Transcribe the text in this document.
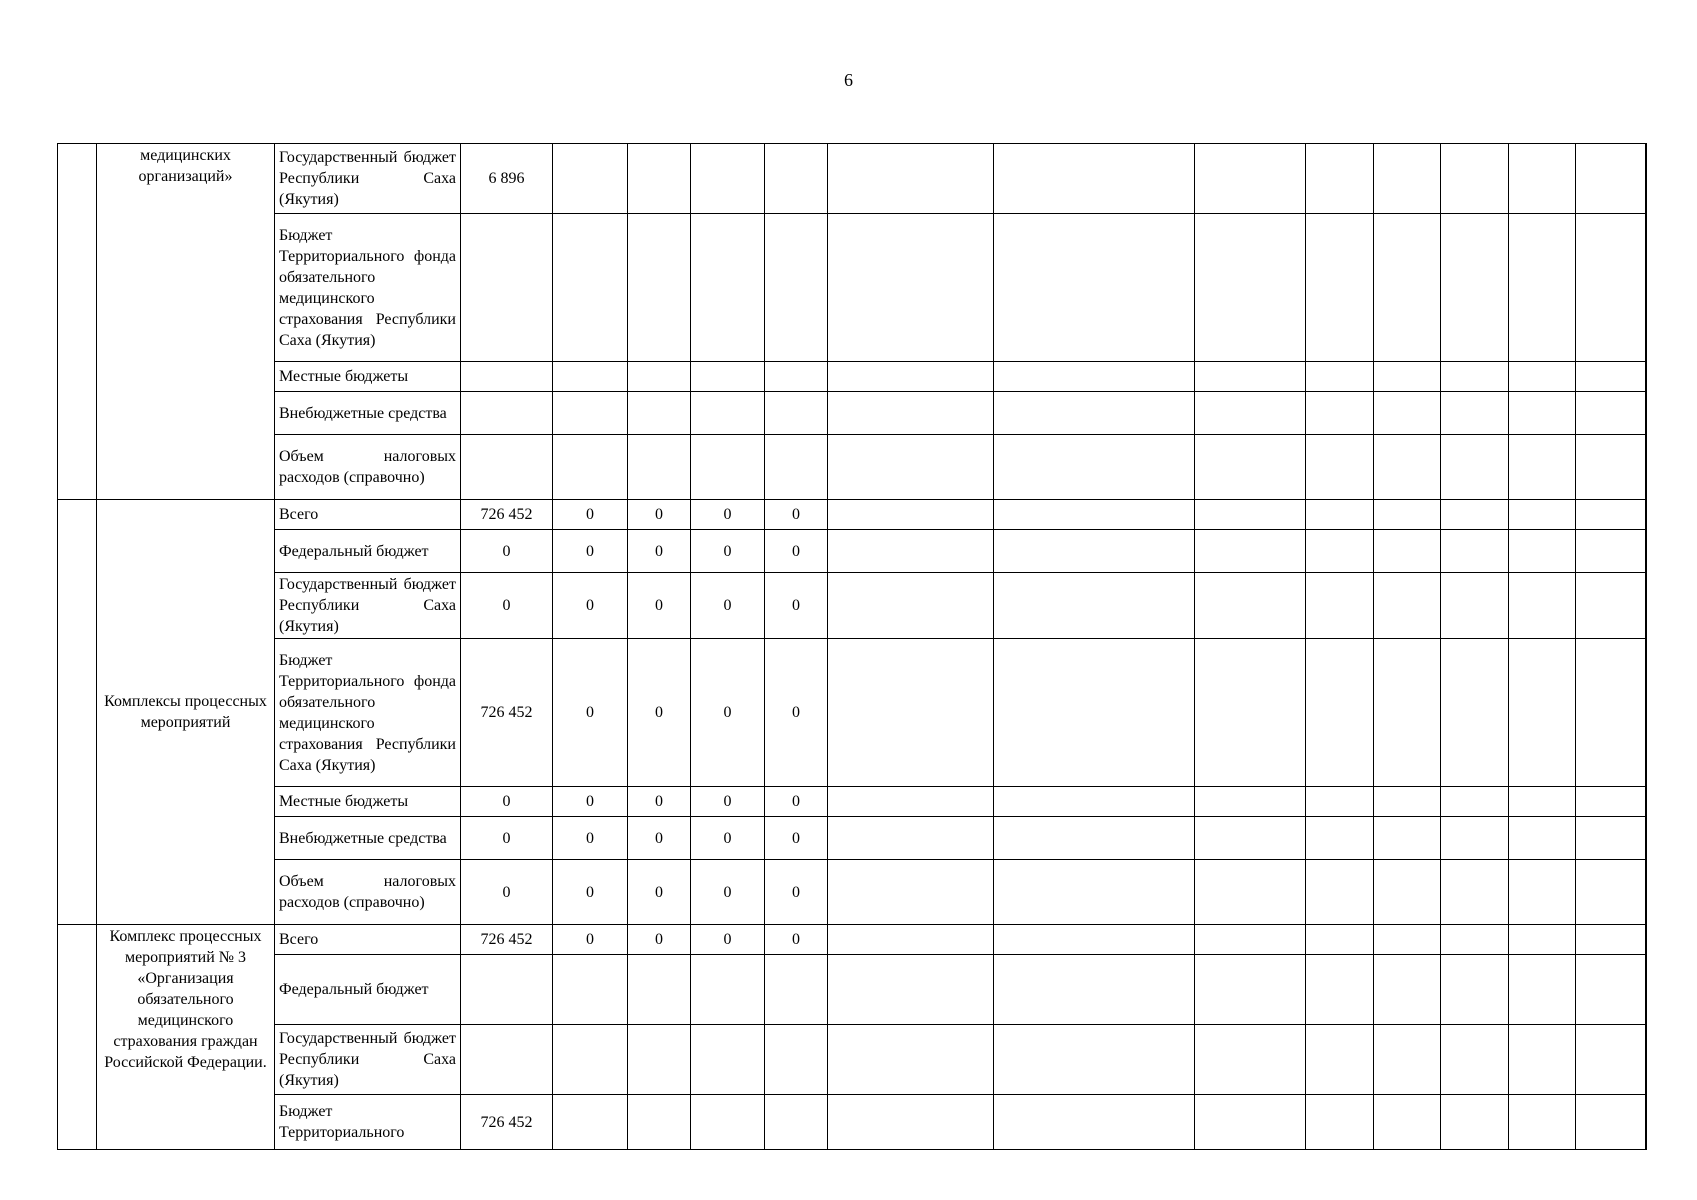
6
	медицинских организаций»	Государственный бюджет Республики Саха (Якутия)	6 896													
		Бюджет Территориального фонда обязательного медицинского страхования Республики Саха (Якутия)														
		Местные бюджеты														
		Внебюджетные средства														
		Объем налоговых расходов (справочно)														
	Комплексы процессных мероприятий	Всего	726 452	0	0	0	0									
		Федеральный бюджет	0	0	0	0	0									
		Государственный бюджет Республики Саха (Якутия)	0	0	0	0	0									
		Бюджет Территориального фонда обязательного медицинского страхования Республики Саха (Якутия)	726 452	0	0	0	0									
		Местные бюджеты	0	0	0	0	0									
		Внебюджетные средства	0	0	0	0	0									
		Объем налоговых расходов (справочно)	0	0	0	0	0									
	Комплекс процессных мероприятий № 3 «Организация обязательного медицинского страхования граждан Российской Федерации.	Всего	726 452	0	0	0	0									
		Федеральный бюджет														
		Государственный бюджет Республики Саха (Якутия)														
		Бюджет Территориального	726 452													
